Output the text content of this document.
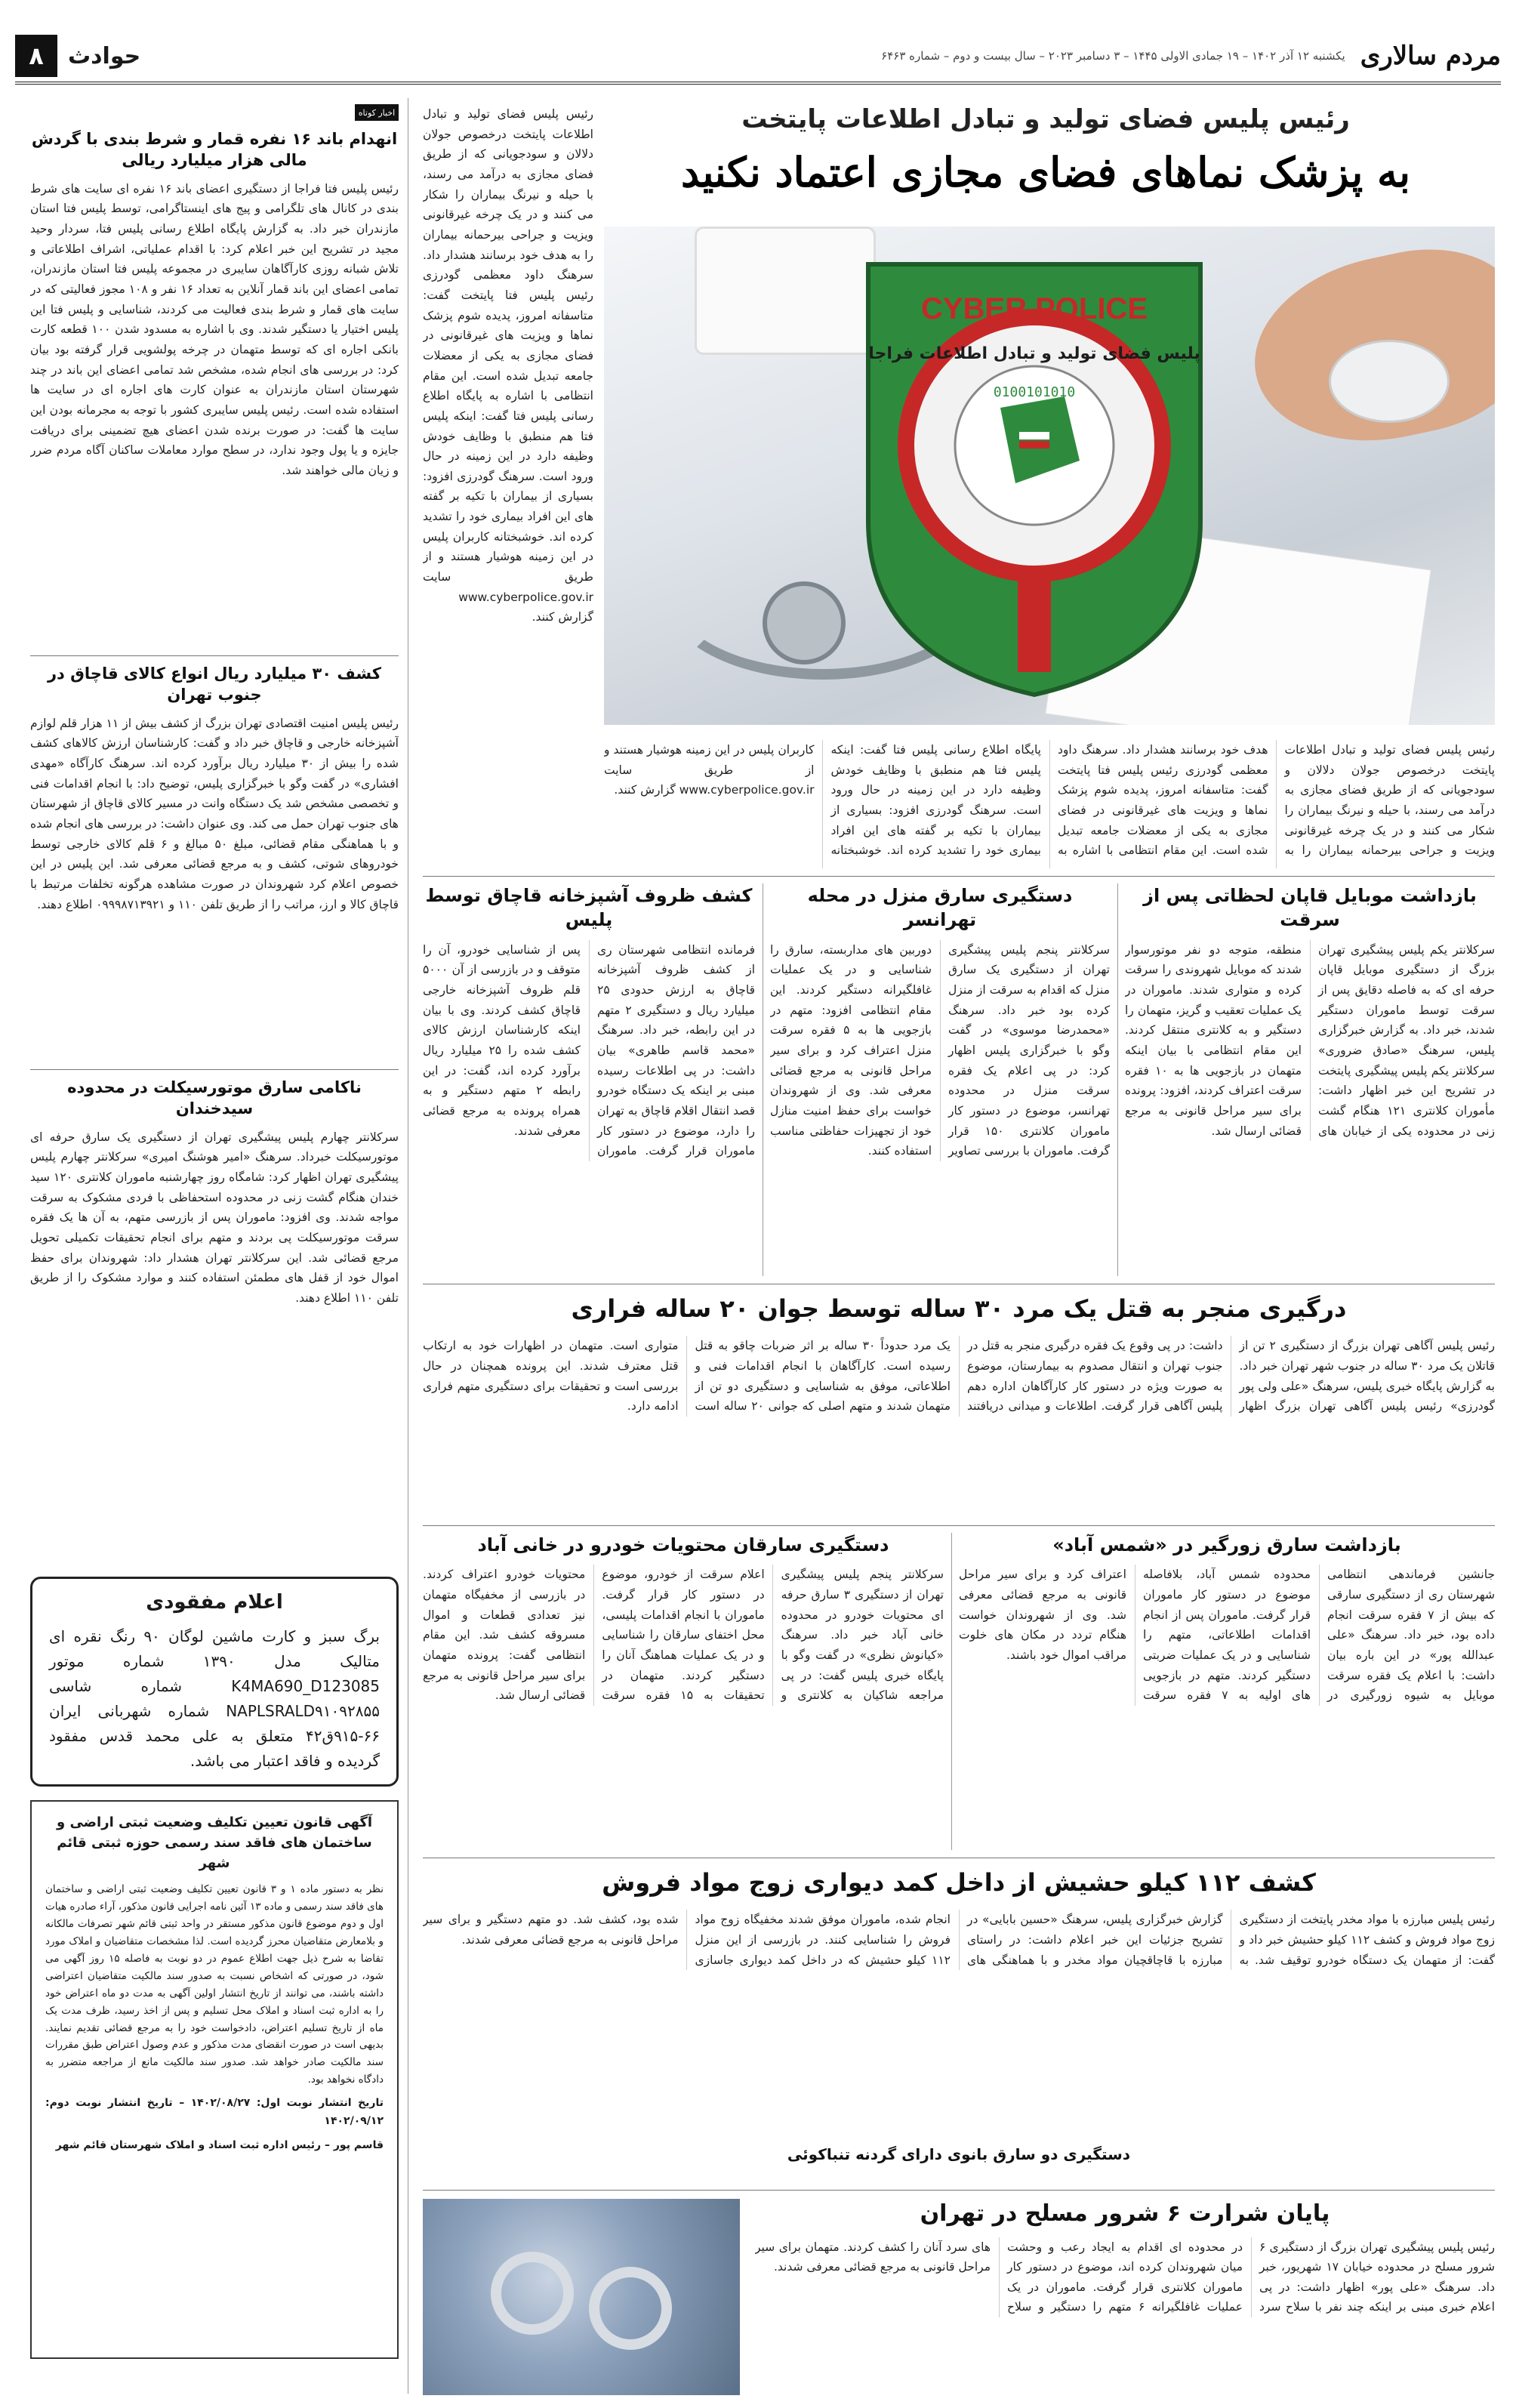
مردم سالاری
یکشنبه ۱۲ آذر ۱۴۰۲ – ۱۹ جمادی الاولی ۱۴۴۵ – ۳ دسامبر ۲۰۲۳ – سال بیست و دوم – شماره ۶۴۶۳
حوادث
۸
رئیس پلیس فضای تولید و تبادل اطلاعات پایتخت
به پزشک نماهای فضای مجازی اعتماد نکنید
CYBER POLICE
پلیس فضای تولید و تبادل اطلاعات فراجا
0100101010

رئیس پلیس فضای تولید و تبادل اطلاعات پایتخت درخصوص جولان دلالان و سودجویانی که از طریق فضای مجازی به درآمد می رسند، با حیله و نیرنگ بیماران را شکار می کنند و در یک چرخه غیرقانونی ویزیت و جراحی بیرحمانه بیماران را به هدف خود برسانند هشدار داد. سرهنگ داود معظمی گودرزی رئیس پلیس فتا پایتخت گفت: متاسفانه امروز، پدیده شوم پزشک نماها و ویزیت های غیرقانونی در فضای مجازی به یکی از معضلات جامعه تبدیل شده است. این مقام انتظامی با اشاره به پایگاه اطلاع رسانی پلیس فتا گفت: اینکه پلیس فتا هم منطبق با وظایف خودش وظیفه دارد در این زمینه در حال ورود است. سرهنگ گودرزی افزود: بسیاری از بیماران با تکیه بر گفته های این افراد بیماری خود را تشدید کرده اند. خوشبختانه کاربران پلیس در این زمینه هوشیار هستند و از طریق سایت www.cyberpolice.gov.ir گزارش کنند.

رئیس پلیس فضای تولید و تبادل اطلاعات پایتخت درخصوص جولان دلالان و سودجویانی که از طریق فضای مجازی به درآمد می رسند، با حیله و نیرنگ بیماران را شکار می کنند و در یک چرخه غیرقانونی ویزیت و جراحی بیرحمانه بیماران را به هدف خود برسانند هشدار داد. سرهنگ داود معظمی گودرزی رئیس پلیس فتا پایتخت گفت: متاسفانه امروز، پدیده شوم پزشک نماها و ویزیت های غیرقانونی در فضای مجازی به یکی از معضلات جامعه تبدیل شده است. این مقام انتظامی با اشاره به پایگاه اطلاع رسانی پلیس فتا گفت: اینکه پلیس فتا هم منطبق با وظایف خودش وظیفه دارد در این زمینه در حال ورود است. سرهنگ گودرزی افزود: بسیاری از بیماران با تکیه بر گفته های این افراد بیماری خود را تشدید کرده اند. خوشبختانه کاربران پلیس در این زمینه هوشیار هستند و از طریق سایت www.cyberpolice.gov.ir گزارش کنند.

بازداشت موبایل قاپان لحظاتی پس از سرقت

سرکلانتر یکم پلیس پیشگیری تهران بزرگ از دستگیری موبایل قاپان حرفه ای که به فاصله دقایق پس از سرقت توسط ماموران دستگیر شدند، خبر داد. به گزارش خبرگزاری پلیس، سرهنگ «صادق ضروری» سرکلانتر یکم پلیس پیشگیری پایتخت در تشریح این خبر اظهار داشت: مأموران کلانتری ۱۲۱ هنگام گشت زنی در محدوده یکی از خیابان های منطقه، متوجه دو نفر موتورسوار شدند که موبایل شهروندی را سرقت کرده و متواری شدند. ماموران در یک عملیات تعقیب و گریز، متهمان را دستگیر و به کلانتری منتقل کردند. این مقام انتظامی با بیان اینکه متهمان در بازجویی ها به ۱۰ فقره سرقت اعتراف کردند، افزود: پرونده برای سیر مراحل قانونی به مرجع قضائی ارسال شد.

دستگیری سارق منزل در محله تهرانسر

سرکلانتر پنجم پلیس پیشگیری تهران از دستگیری یک سارق منزل که اقدام به سرقت از منزل کرده بود خبر داد. سرهنگ «محمدرضا موسوی» در گفت وگو با خبرگزاری پلیس اظهار کرد: در پی اعلام یک فقره سرقت منزل در محدوده تهرانسر، موضوع در دستور کار ماموران کلانتری ۱۵۰ قرار گرفت. ماموران با بررسی تصاویر دوربین های مداربسته، سارق را شناسایی و در یک عملیات غافلگیرانه دستگیر کردند. این مقام انتظامی افزود: متهم در بازجویی ها به ۵ فقره سرقت منزل اعتراف کرد و برای سیر مراحل قانونی به مرجع قضائی معرفی شد. وی از شهروندان خواست برای حفظ امنیت منازل خود از تجهیزات حفاظتی مناسب استفاده کنند.

کشف ظروف آشپزخانه قاچاق توسط پلیس

فرمانده انتظامی شهرستان ری از کشف ظروف آشپزخانه قاچاق به ارزش حدودی ۲۵ میلیارد ریال و دستگیری ۲ متهم در این رابطه، خبر داد. سرهنگ «محمد قاسم طاهری» بیان داشت: در پی اطلاعات رسیده مبنی بر اینکه یک دستگاه خودرو قصد انتقال اقلام قاچاق به تهران را دارد، موضوع در دستور کار ماموران قرار گرفت. ماموران پس از شناسایی خودرو، آن را متوقف و در بازرسی از آن ۵۰۰۰ قلم ظروف آشپزخانه خارجی قاچاق کشف کردند. وی با بیان اینکه کارشناسان ارزش کالای کشف شده را ۲۵ میلیارد ریال برآورد کرده اند، گفت: در این رابطه ۲ متهم دستگیر و به همراه پرونده به مرجع قضائی معرفی شدند.

درگیری منجر به قتل یک مرد ۳۰ ساله توسط جوان ۲۰ ساله فراری

رئیس پلیس آگاهی تهران بزرگ از دستگیری ۲ تن از قاتلان یک مرد ۳۰ ساله در جنوب شهر تهران خبر داد. به گزارش پایگاه خبری پلیس، سرهنگ «علی ولی پور گودرزی» رئیس پلیس آگاهی تهران بزرگ اظهار داشت: در پی وقوع یک فقره درگیری منجر به قتل در جنوب تهران و انتقال مصدوم به بیمارستان، موضوع به صورت ویژه در دستور کار کارآگاهان اداره دهم پلیس آگاهی قرار گرفت. اطلاعات و میدانی دریافتند یک مرد حدوداً ۳۰ ساله بر اثر ضربات چاقو به قتل رسیده است. کارآگاهان با انجام اقدامات فنی و اطلاعاتی، موفق به شناسایی و دستگیری دو تن از متهمان شدند و متهم اصلی که جوانی ۲۰ ساله است متواری است. متهمان در اظهارات خود به ارتکاب قتل معترف شدند. این پرونده همچنان در حال بررسی است و تحقیقات برای دستگیری متهم فراری ادامه دارد.

بازداشت سارق زورگیر در «شمس آباد»

جانشین فرماندهی انتظامی شهرستان ری از دستگیری سارقی که بیش از ۷ فقره سرقت انجام داده بود، خبر داد. سرهنگ «علی عبدالله پور» در این باره بیان داشت: با اعلام یک فقره سرقت موبایل به شیوه زورگیری در محدوده شمس آباد، بلافاصله موضوع در دستور کار ماموران قرار گرفت. ماموران پس از انجام اقدامات اطلاعاتی، متهم را شناسایی و در یک عملیات ضربتی دستگیر کردند. متهم در بازجویی های اولیه به ۷ فقره سرقت اعتراف کرد و برای سیر مراحل قانونی به مرجع قضائی معرفی شد. وی از شهروندان خواست هنگام تردد در مکان های خلوت مراقب اموال خود باشند.

دستگیری سارقان محتویات خودرو در خانی آباد

سرکلانتر پنجم پلیس پیشگیری تهران از دستگیری ۳ سارق حرفه ای محتویات خودرو در محدوده خانی آباد خبر داد. سرهنگ «کیانوش نظری» در گفت وگو با پایگاه خبری پلیس گفت: در پی مراجعه شاکیان به کلانتری و اعلام سرقت از خودرو، موضوع در دستور کار قرار گرفت. ماموران با انجام اقدامات پلیسی، محل اختفای سارقان را شناسایی و در یک عملیات هماهنگ آنان را دستگیر کردند. متهمان در تحقیقات به ۱۵ فقره سرقت محتویات خودرو اعتراف کردند. در بازرسی از مخفیگاه متهمان نیز تعدادی قطعات و اموال مسروقه کشف شد. این مقام انتظامی گفت: پرونده متهمان برای سیر مراحل قانونی به مرجع قضائی ارسال شد.

کشف ۱۱۲ کیلو حشیش از داخل کمد دیواری زوج مواد فروش

رئیس پلیس مبارزه با مواد مخدر پایتخت از دستگیری زوج مواد فروش و کشف ۱۱۲ کیلو حشیش خبر داد و گفت: از متهمان یک دستگاه خودرو توقیف شد. به گزارش خبرگزاری پلیس، سرهنگ «حسین بابایی» در تشریح جزئیات این خبر اعلام داشت: در راستای مبارزه با قاچاقچیان مواد مخدر و با هماهنگی های انجام شده، ماموران موفق شدند مخفیگاه زوج مواد فروش را شناسایی کنند. در بازرسی از این منزل ۱۱۲ کیلو حشیش که در داخل کمد دیواری جاسازی شده بود، کشف شد. دو متهم دستگیر و برای سیر مراحل قانونی به مرجع قضائی معرفی شدند.

دستگیری دو سارق بانوی دارای گردنه تنباکوئی
پایان شرارت ۶ شرور مسلح در تهران

رئیس پلیس پیشگیری تهران بزرگ از دستگیری ۶ شرور مسلح در محدوده خیابان ۱۷ شهریور، خبر داد. سرهنگ «علی پور» اظهار داشت: در پی اعلام خبری مبنی بر اینکه چند نفر با سلاح سرد در محدوده ای اقدام به ایجاد رعب و وحشت میان شهروندان کرده اند، موضوع در دستور کار ماموران کلانتری قرار گرفت. ماموران در یک عملیات غافلگیرانه ۶ متهم را دستگیر و سلاح های سرد آنان را کشف کردند. متهمان برای سیر مراحل قانونی به مرجع قضائی معرفی شدند.

اخبار کوتاه
انهدام باند ۱۶ نفره قمار و شرط بندی با گردش مالی هزار میلیارد ریالی

رئیس پلیس فتا فراجا از دستگیری اعضای باند ۱۶ نفره ای سایت های شرط بندی در کانال های تلگرامی و پیج های اینستاگرامی، توسط پلیس فتا استان مازندران خبر داد. به گزارش پایگاه اطلاع رسانی پلیس فتا، سردار وحید مجید در تشریح این خبر اعلام کرد: با اقدام عملیاتی، اشراف اطلاعاتی و تلاش شبانه روزی کارآگاهان سایبری در مجموعه پلیس فتا استان مازندران، تمامی اعضای این باند قمار آنلاین به تعداد ۱۶ نفر و ۱۰۸ مجوز فعالیتی که در سایت های قمار و شرط بندی فعالیت می کردند، شناسایی و پلیس فتا این پلیس اختیار یا دستگیر شدند. وی با اشاره به مسدود شدن ۱۰۰ قطعه کارت بانکی اجاره ای که توسط متهمان در چرخه پولشویی قرار گرفته بود بیان کرد: در بررسی های انجام شده، مشخص شد تمامی اعضای این باند در چند شهرستان استان مازندران به عنوان کارت های اجاره ای در سایت ها استفاده شده است. رئیس پلیس سایبری کشور با توجه به مجرمانه بودن این سایت ها گفت: در صورت برنده شدن اعضای هیچ تضمینی برای دریافت جایزه و یا پول وجود ندارد، در سطح موارد معاملات ساکنان آگاه مردم ضرر و زیان مالی خواهند شد.

کشف ۳۰ میلیارد ریال انواع کالای قاچاق در جنوب تهران

رئیس پلیس امنیت اقتصادی تهران بزرگ از کشف بیش از ۱۱ هزار قلم لوازم آشپزخانه خارجی و قاچاق خبر داد و گفت: کارشناسان ارزش کالاهای کشف شده را بیش از ۳۰ میلیارد ریال برآورد کرده اند. سرهنگ کارآگاه «مهدی افشاری» در گفت وگو با خبرگزاری پلیس، توضیح داد: با انجام اقدامات فنی و تخصصی مشخص شد یک دستگاه وانت در مسیر کالای قاچاق از شهرستان های جنوب تهران حمل می کند. وی عنوان داشت: در بررسی های انجام شده و با هماهنگی مقام قضائی، مبلغ ۵۰ مبالغ و ۶ قلم کالای خارجی توسط خودروهای شوتی، کشف و به مرجع قضائی معرفی شد. این پلیس در این خصوص اعلام کرد شهروندان در صورت مشاهده هرگونه تخلفات مرتبط با قاچاق کالا و ارز، مراتب را از طریق تلفن ۱۱۰ و ۰۹۹۹۸۷۱۳۹۲۱ اطلاع دهند.

ناکامی سارق موتورسیکلت در محدوده سیدخندان

سرکلانتر چهارم پلیس پیشگیری تهران از دستگیری یک سارق حرفه ای موتورسیکلت خبرداد. سرهنگ «امیر هوشنگ امیری» سرکلانتر چهارم پلیس پیشگیری تهران اظهار کرد: شامگاه روز چهارشنبه ماموران کلانتری ۱۲۰ سید خندان هنگام گشت زنی در محدوده استحفاظی با فردی مشکوک به سرقت مواجه شدند. وی افزود: ماموران پس از بازرسی متهم، به آن ها یک فقره سرقت موتورسیکلت پی بردند و متهم برای انجام تحقیقات تکمیلی تحویل مرجع قضائی شد. این سرکلانتر تهران هشدار داد: شهروندان برای حفظ اموال خود از قفل های مطمئن استفاده کنند و موارد مشکوک را از طریق تلفن ۱۱۰ اطلاع دهند.

اعلام مفقودی

برگ سبز و کارت ماشین لوگان ۹۰ رنگ نقره ای متالیک مدل ۱۳۹۰ شماره موتور K4MA690_D123085 شماره شاسی NAPLSRALD۹۱۰۹۲۸۵۵ شماره شهربانی ایران ۶۶-۹۱۵ق۴۲ متعلق به علی محمد قدس مفقود گردیده و فاقد اعتبار می باشد.

آگهی قانون تعیین تکلیف وضعیت ثبتی اراضی و ساختمان های فاقد سند رسمی حوزه ثبتی قائم شهر

نظر به دستور ماده ۱ و ۳ قانون تعیین تکلیف وضعیت ثبتی اراضی و ساختمان های فاقد سند رسمی و ماده ۱۳ آئین نامه اجرایی قانون مذکور، آراء صادره هیات اول و دوم موضوع قانون مذکور مستقر در واحد ثبتی قائم شهر تصرفات مالکانه و بلامعارض متقاضیان محرز گردیده است. لذا مشخصات متقاضیان و املاک مورد تقاضا به شرح ذیل جهت اطلاع عموم در دو نوبت به فاصله ۱۵ روز آگهی می شود، در صورتی که اشخاص نسبت به صدور سند مالکیت متقاضیان اعتراضی داشته باشند، می توانند از تاریخ انتشار اولین آگهی به مدت دو ماه اعتراض خود را به اداره ثبت اسناد و املاک محل تسلیم و پس از اخذ رسید، ظرف مدت یک ماه از تاریخ تسلیم اعتراض، دادخواست خود را به مرجع قضائی تقدیم نمایند. بدیهی است در صورت انقضای مدت مذکور و عدم وصول اعتراض طبق مقررات سند مالکیت صادر خواهد شد. صدور سند مالکیت مانع از مراجعه متضرر به دادگاه نخواهد بود.

تاریخ انتشار نوبت اول: ۱۴۰۲/۰۸/۲۷ – تاریخ انتشار نوبت دوم: ۱۴۰۲/۰۹/۱۲

قاسم پور – رئیس اداره ثبت اسناد و املاک شهرستان قائم شهر
